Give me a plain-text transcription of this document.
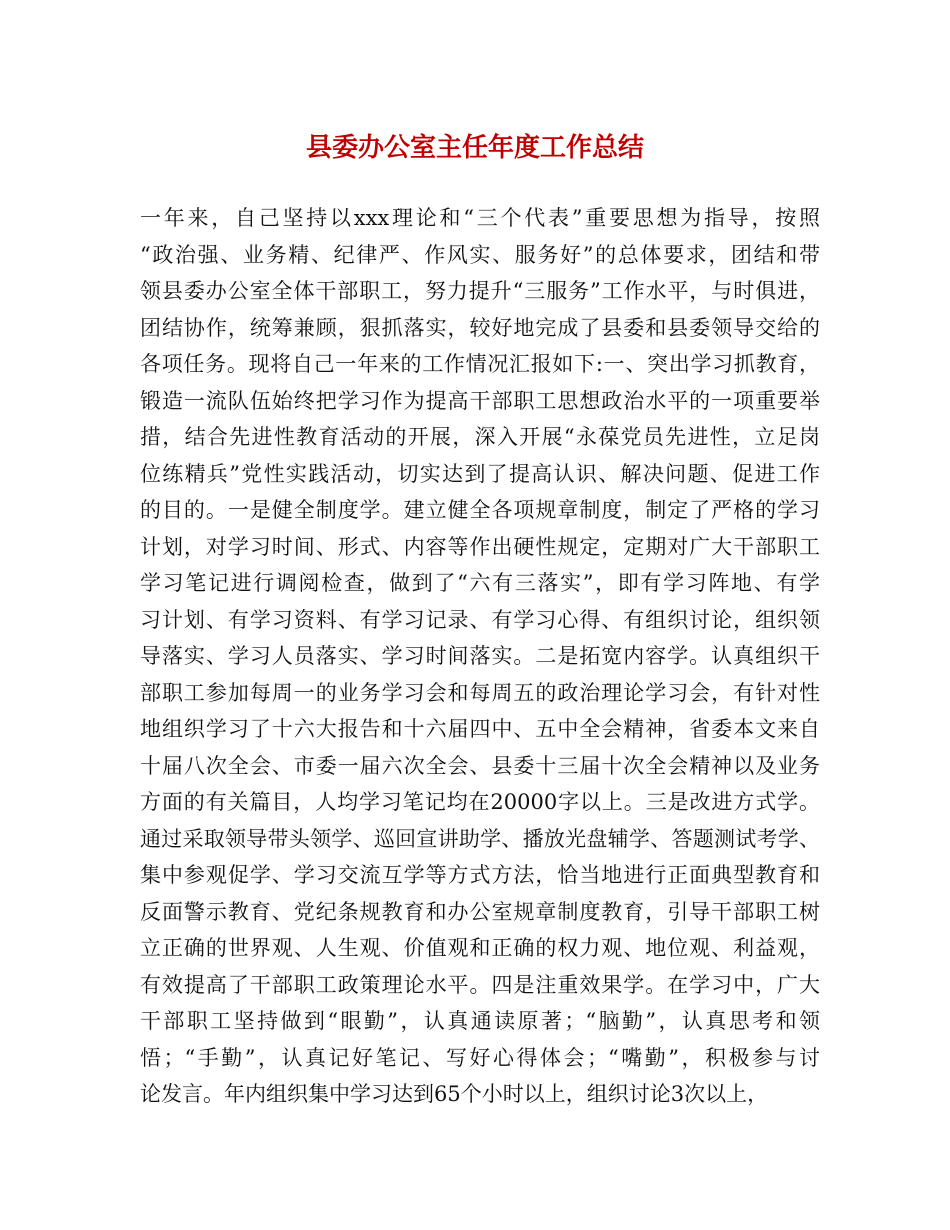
县委办公室主任年度工作总结
一年来，自己坚持以xxx理论和“三个代表”重要思想为指导，按照
“政治强、业务精、纪律严、作风实、服务好”的总体要求，团结和带
领县委办公室全体干部职工，努力提升“三服务”工作水平，与时俱进，
团结协作，统筹兼顾，狠抓落实，较好地完成了县委和县委领导交给的
各项任务。现将自己一年来的工作情况汇报如下:一、突出学习抓教育，
锻造一流队伍始终把学习作为提高干部职工思想政治水平的一项重要举
措，结合先进性教育活动的开展，深入开展“永葆党员先进性，立足岗
位练精兵”党性实践活动，切实达到了提高认识、解决问题、促进工作
的目的。一是健全制度学。建立健全各项规章制度，制定了严格的学习
计划，对学习时间、形式、内容等作出硬性规定，定期对广大干部职工
学习笔记进行调阅检查，做到了“六有三落实”，即有学习阵地、有学
习计划、有学习资料、有学习记录、有学习心得、有组织讨论，组织领
导落实、学习人员落实、学习时间落实。二是拓宽内容学。认真组织干
部职工参加每周一的业务学习会和每周五的政治理论学习会，有针对性
地组织学习了十六大报告和十六届四中、五中全会精神，省委本文来自
十届八次全会、市委一届六次全会、县委十三届十次全会精神以及业务
方面的有关篇目，人均学习笔记均在20000字以上。三是改进方式学。
通过采取领导带头领学、巡回宣讲助学、播放光盘辅学、答题测试考学、
集中参观促学、学习交流互学等方式方法，恰当地进行正面典型教育和
反面警示教育、党纪条规教育和办公室规章制度教育，引导干部职工树
立正确的世界观、人生观、价值观和正确的权力观、地位观、利益观，
有效提高了干部职工政策理论水平。四是注重效果学。在学习中，广大
干部职工坚持做到“眼勤”，认真通读原著；“脑勤”，认真思考和领
悟；“手勤”，认真记好笔记、写好心得体会；“嘴勤”，积极参与讨
论发言。年内组织集中学习达到65个小时以上，组织讨论3次以上，
